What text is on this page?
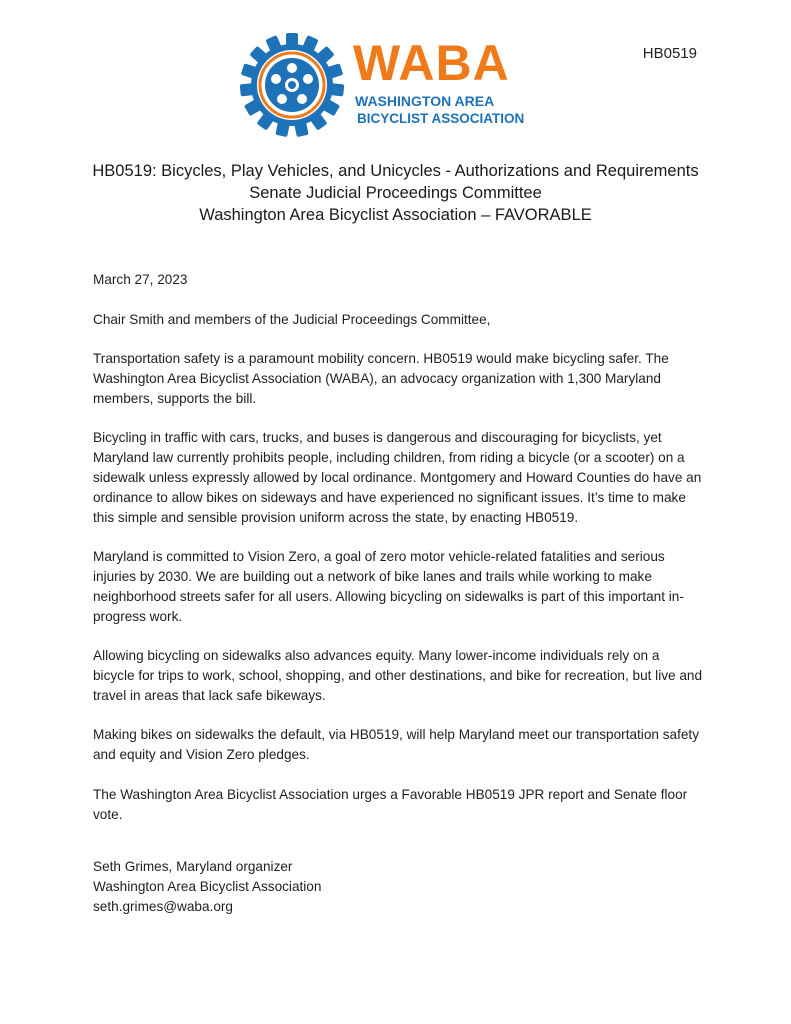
HB0519
WABA
WASHINGTON AREA
BICYCLIST ASSOCIATION
HB0519: Bicycles, Play Vehicles, and Unicycles - Authorizations and Requirements
Senate Judicial Proceedings Committee
Washington Area Bicyclist Association – FAVORABLE

March 27, 2023

Chair Smith and members of the Judicial Proceedings Committee,

Transportation safety is a paramount mobility concern. HB0519 would make bicycling safer. The Washington Area Bicyclist Association (WABA), an advocacy organization with 1,300 Maryland members, supports the bill.

Bicycling in traffic with cars, trucks, and buses is dangerous and discouraging for bicyclists, yet Maryland law currently prohibits people, including children, from riding a bicycle (or a scooter) on a sidewalk unless expressly allowed by local ordinance. Montgomery and Howard Counties do have an ordinance to allow bikes on sideways and have experienced no significant issues. It’s time to make this simple and sensible provision uniform across the state, by enacting HB0519.

Maryland is committed to Vision Zero, a goal of zero motor vehicle-related fatalities and serious injuries by 2030. We are building out a network of bike lanes and trails while working to make neighborhood streets safer for all users. Allowing bicycling on sidewalks is part of this important in-progress work.

Allowing bicycling on sidewalks also advances equity. Many lower-income individuals rely on a bicycle for trips to work, school, shopping, and other destinations, and bike for recreation, but live and travel in areas that lack safe bikeways.

Making bikes on sidewalks the default, via HB0519, will help Maryland meet our transportation safety and equity and Vision Zero pledges.

The Washington Area Bicyclist Association urges a Favorable HB0519 JPR report and Senate floor vote.

Seth Grimes, Maryland organizer
Washington Area Bicyclist Association
seth.grimes@waba.org
